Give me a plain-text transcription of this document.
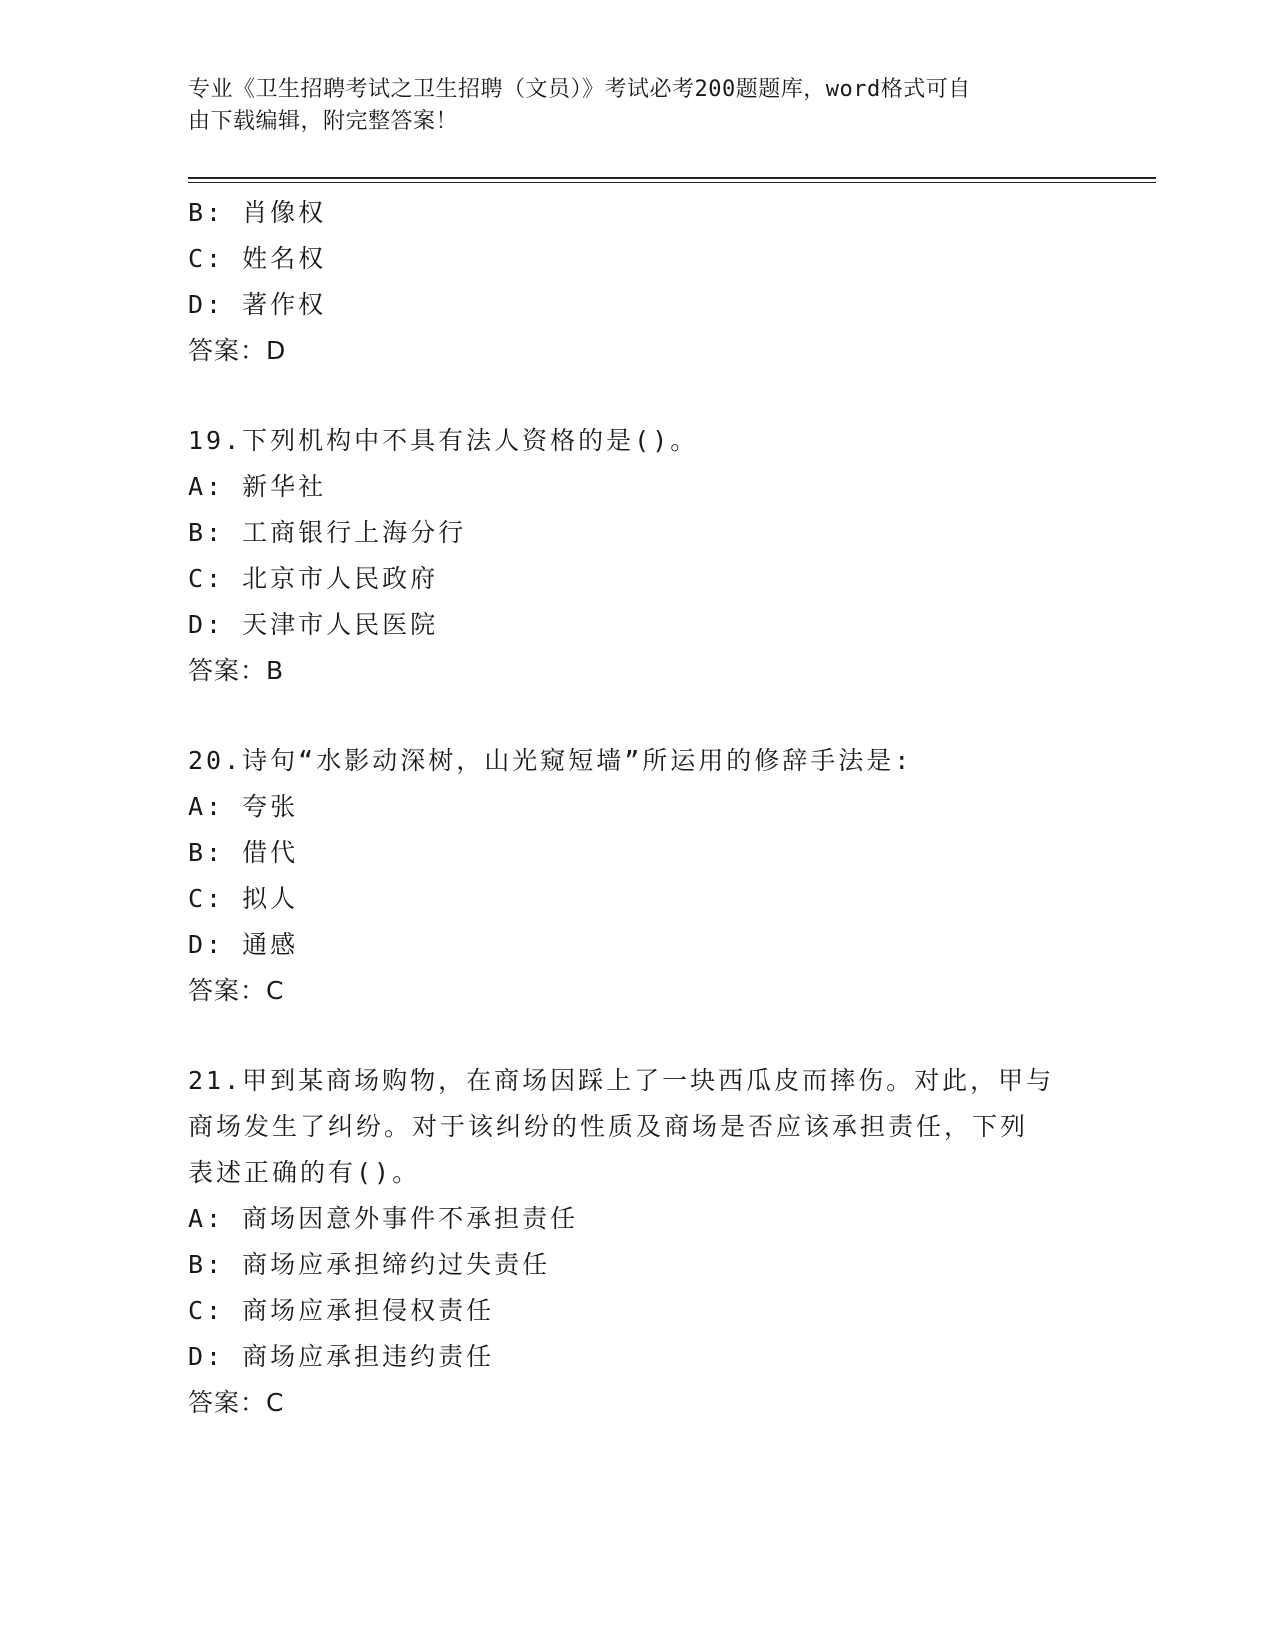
专业《卫生招聘考试之卫生招聘（文员）》考试必考200题题库，word格式可自
由下载编辑，附完整答案！
B: 肖像权
C: 姓名权
D: 著作权
答案：D
19.下列机构中不具有法人资格的是()。
A: 新华社
B: 工商银行上海分行
C: 北京市人民政府
D: 天津市人民医院
答案：B
20.诗句“水影动深树，山光窥短墙”所运用的修辞手法是:
A: 夸张
B: 借代
C: 拟人
D: 通感
答案：C
21.甲到某商场购物，在商场因踩上了一块西瓜皮而摔伤。对此，甲与
商场发生了纠纷。对于该纠纷的性质及商场是否应该承担责任，下列
表述正确的有()。
A: 商场因意外事件不承担责任
B: 商场应承担缔约过失责任
C: 商场应承担侵权责任
D: 商场应承担违约责任
答案：C
